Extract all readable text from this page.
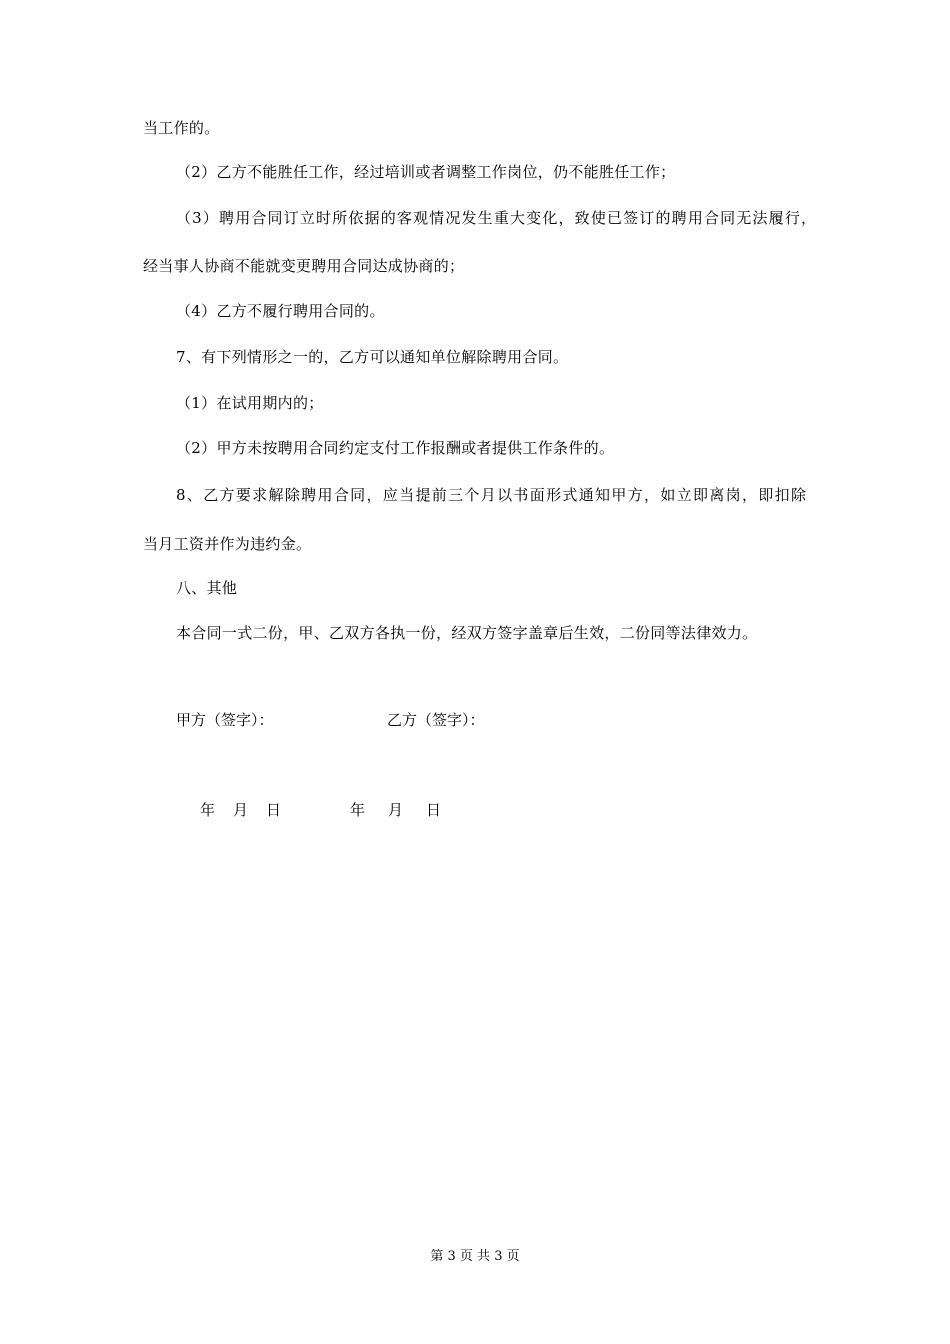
当工作的。
（2）乙方不能胜任工作，经过培训或者调整工作岗位，仍不能胜任工作；
（3）聘用合同订立时所依据的客观情况发生重大变化，致使已签订的聘用合同无法履行，
经当事人协商不能就变更聘用合同达成协商的；
（4）乙方不履行聘用合同的。
7、有下列情形之一的，乙方可以通知单位解除聘用合同。
（1）在试用期内的；
（2）甲方未按聘用合同约定支付工作报酬或者提供工作条件的。
8、乙方要求解除聘用合同，应当提前三个月以书面形式通知甲方，如立即离岗，即扣除
当月工资并作为违约金。
八、其他
本合同一式二份，甲、乙双方各执一份，经双方签字盖章后生效，二份同等法律效力。
甲方（签字）：	乙方（签字）：
年 月 日	年 月 日
第 3 页 共 3 页
